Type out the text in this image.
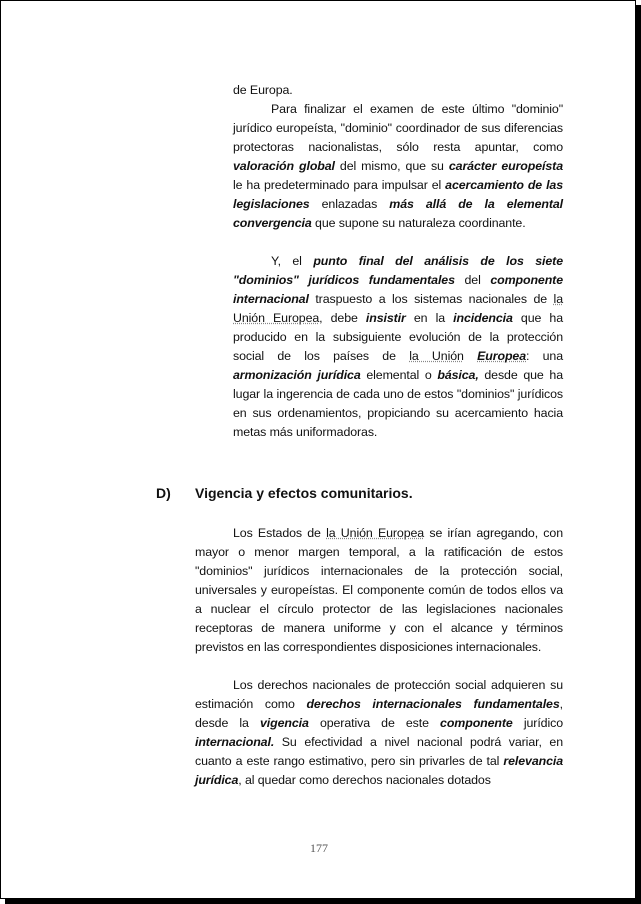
de Europa.

Para finalizar el examen de este último "dominio" jurídico europeísta, "dominio" coordinador de sus diferencias protectoras nacionalistas, sólo resta apuntar, como valoración global del mismo, que su carácter europeísta le ha predeterminado para impulsar el acercamiento de las legislaciones enlazadas más allá de la elemental convergencia que supone su naturaleza coordinante.

Y, el punto final del análisis de los siete "dominios" jurídicos fundamentales del componente internacional traspuesto a los sistemas nacionales de la Unión Europea, debe insistir en la incidencia que ha producido en la subsiguiente evolución de la protección social de los países de la Unión Europea: una armonización jurídica elemental o básica, desde que ha lugar la ingerencia de cada uno de estos "dominios" jurídicos en sus ordenamientos, propiciando su acercamiento hacia metas más uniformadoras.

D) Vigencia y efectos comunitarios.

Los Estados de la Unión Europea se irían agregando, con mayor o menor margen temporal, a la ratificación de estos "dominios" jurídicos internacionales de la protección social, universales y europeístas. El componente común de todos ellos va a nuclear el círculo protector de las legislaciones nacionales receptoras de manera uniforme y con el alcance y términos previstos en las correspondientes disposiciones internacionales.

Los derechos nacionales de protección social adquieren su estimación como derechos internacionales fundamentales, desde la vigencia operativa de este componente jurídico internacional. Su efectividad a nivel nacional podrá variar, en cuanto a este rango estimativo, pero sin privarles de tal relevancia jurídica, al quedar como derechos nacionales dotados

177
